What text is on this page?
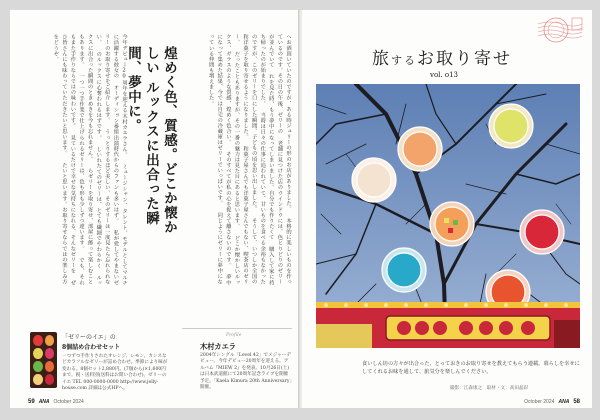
へお酒頂いていたのですが、ある時ジュリーの形のお店がありました。 本格的に楽しいものを作っているのです。その日の午後、ゼリーの 老舗に見つけた店のウインドウには、色とりどりのゼリーが並んでいて れを見た時、もう夢中になってしまいました。自分でも作りたくて 購入して家に持ち帰ったのが始まりでした。 当時は日々の仕事に追われていて、甘いものを食べる余裕もなかった のですが、このゼリーを口にした瞬間、子どもの頃を思い出しました。 そうして、いつしか全国の和洋菓子を取り寄せるようになりました。 和菓子屋さんでも洋菓子屋さんでもない、喫茶店のゼリー。 だったこともありますが、その一番の魅力は見た目にあると思います。 どこか懐かしいルックス、ガラスのような質感、煌めく色合い。 そのすべてが私の心を捉えて離さないのです。 夢中になって集めた結果、今では自宅の冷蔵庫はゼリーでいっぱいです。 同じようにゼリーに夢中になっている仲間も増えました。
煌めく色、質感。どこか懐かしい ルックスに出合った瞬間、夢中に。
今年デビュー20周年を迎える木村カエラさん。 ミュージシャン、タレント、モデルとしてマルチに活躍する彼女の オーディション番組出演時代からのファンも多いはず。 私が愛してやまないゼリーのお取り寄せをご紹介します。 うっとりするほど美しい、そのゼリーは一度見たら忘れられない。 のルックスに心奪われるはずです。 しいれたてのゼリーは、とても繊細でやわらかく ルックスに出合った瞬間のときめきを今も忘れません。 らゼリーを取り寄せ、部屋に飾って楽しむこともあります。 一つ一つ手作業で仕上げられるゼリーは、色も形も少しずつ違います。 でも、それもまた手作りならではの味わいです。 見ているだけで幸せな気持ちになれる、そんなゼリーを ぜひ皆さんにも味わっていただきたいと思います。 たいと思います。お取り寄せならではの楽しみ方をどうぞ。
「ゼリーのイエ」の
8個詰め合わせセット
一つずつ手作りされたオレンジ、レモン、カシスなどカラフルなゼリーが詰め合わせ。季節により味が変わる。8個セット2,880円。(7個から)×1,600円まで。税・送料別(送料はお問い合わせ)。ゼリーのイエ TEL 000-0000-0000 http://www.jelly-house.com 詳細は公式HPへ。
Profile
木村カエラ
2004年シングル「Level 42」でメジャーデビュー。今年デビュー20周年を迎える。アルバム『MIEW 2』を発表。10月26日(土)は日本武道館にて20周年記念ライブを開催予定。「Kaela Kimura 20th Anniversary」開催。
59 ANA October 2024
旅するお取り寄せ
vol. o13
食いしん坊の方々が出合った、とっておきのお取り寄せを教えてもらう連載。暮らしを幸せにしてくれるお味を通して、旅気分を楽しんでください。
撮影：江森康之　取材・文：高田晶彩
October 2024 ANA 58
